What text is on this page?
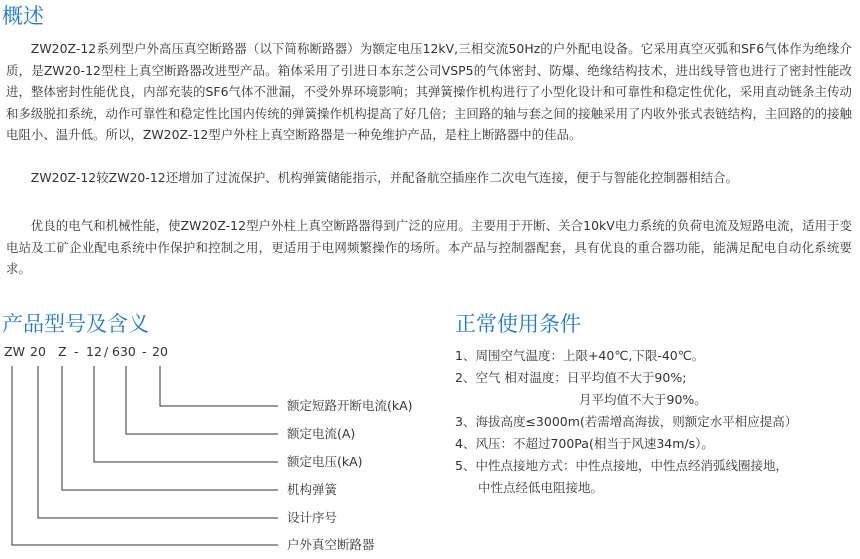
概述

ZW20Z-12系列型户外高压真空断路器（以下简称断路器）为额定电压12kV,三相交流50Hz的户外配电设备。它采用真空灭弧和SF6气体作为绝缘介质，是ZW20-12型柱上真空断路器改进型产品。箱体采用了引进日本东芝公司VSP5的气体密封、防爆、绝缘结构技术，进出线导管也进行了密封性能改进，整体密封性能优良，内部充装的SF6气体不泄漏，不受外界环境影响；其弹簧操作机构进行了小型化设计和可靠性和稳定性优化，采用直动链条主传动和多级脱扣系统，动作可靠性和稳定性比国内传统的弹簧操作机构提高了好几倍；主回路的轴与套之间的接触采用了内收外张式表链结构，主回路的的接触电阻小、温升低。所以，ZW20Z-12型户外柱上真空断路器是一种免维护产品，是柱上断路器中的佳品。

ZW20Z-12较ZW20-12还增加了过流保护、机构弹簧储能指示，并配备航空插座作二次电气连接，便于与智能化控制器相结合。

优良的电气和机械性能，使ZW20Z-12型户外柱上真空断路器得到广泛的应用。主要用于开断、关合10kV电力系统的负荷电流及短路电流，适用于变电站及工矿企业配电系统中作保护和控制之用，更适用于电网频繁操作的场所。本产品与控制器配套，具有优良的重合器功能，能满足配电自动化系统要求。

产品型号及含义	正常使用条件
ZW 20 Z - 12 / 630 - 20
额定短路开断电流(kA)
额定电流(A)
额定电压(kA)
机构弹簧
设计序号
户外真空断路器
1、周围空气温度：上限+40℃,下限-40℃。
2、空气 相对温度：日平均值不大于90%;
月平均值不大于90%。
3、海拔高度≤3000m(若需增高海拔，则额定水平相应提高）
4、风压：不超过700Pa(相当于风速34m/s）。
5、中性点接地方式：中性点接地，中性点经消弧线圈接地，
中性点经低电阻接地。
